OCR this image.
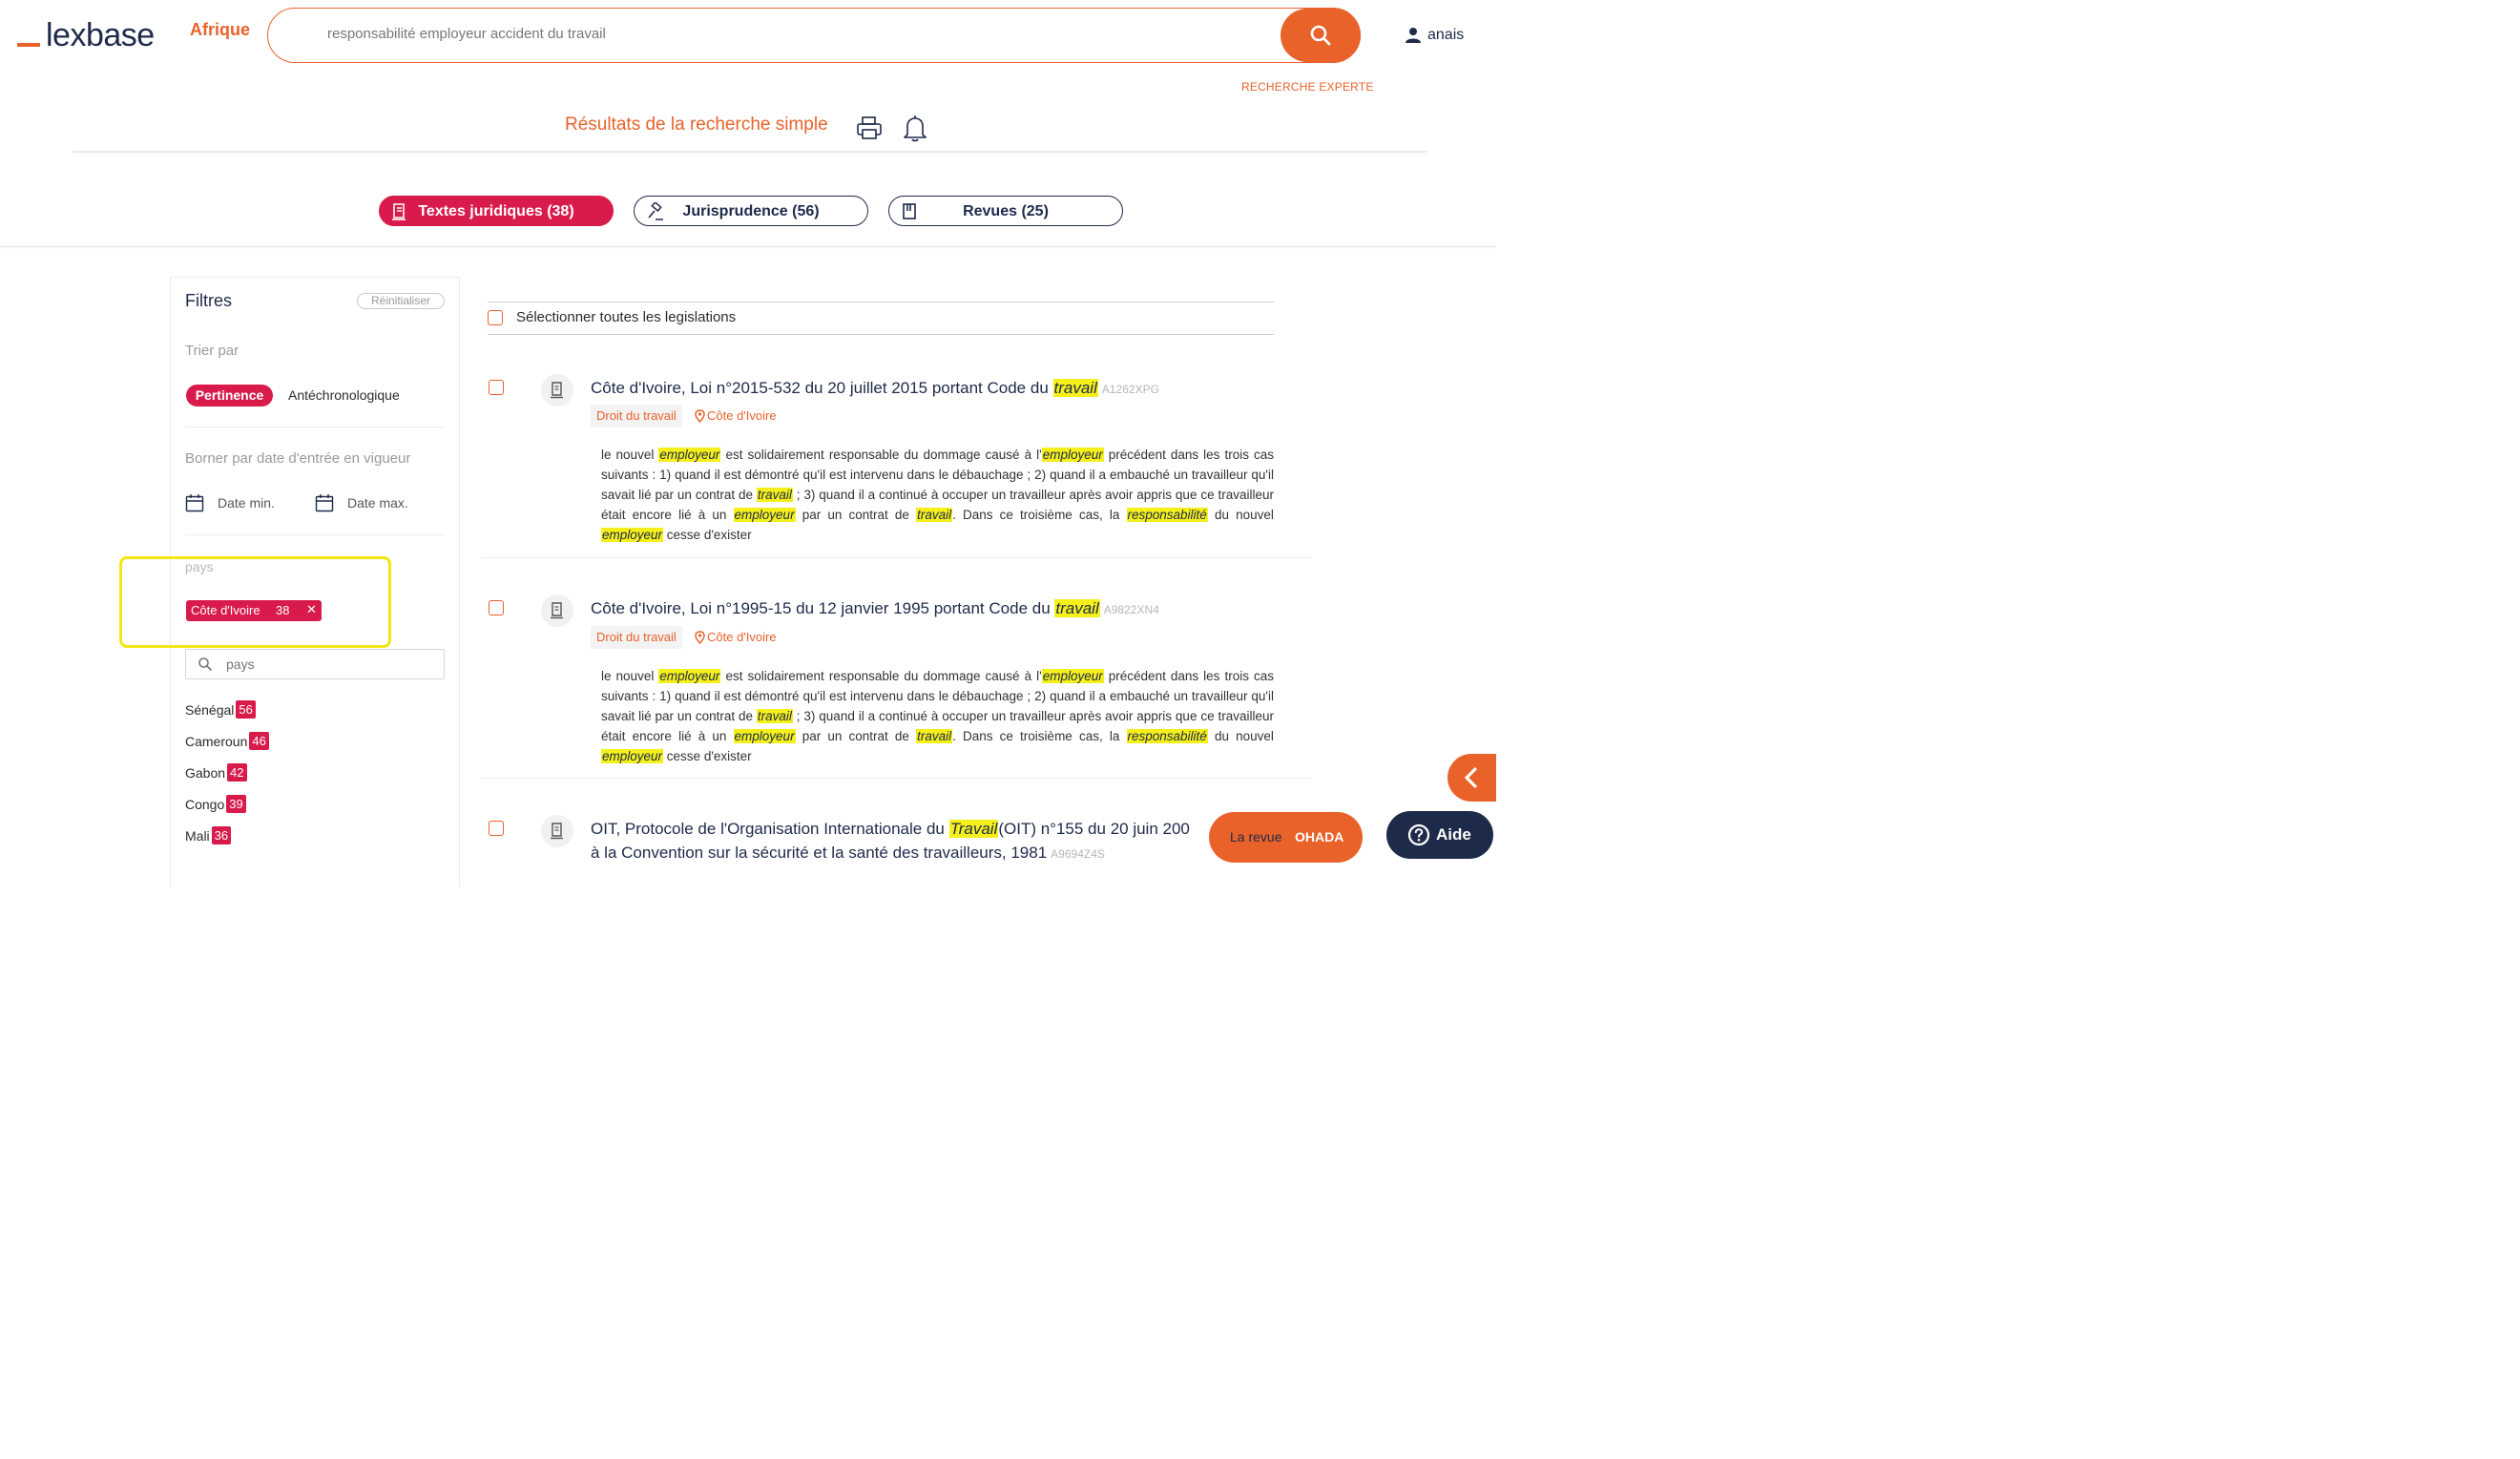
lexbase Afrique
responsabilité employeur accident du travail	anais
RECHERCHE EXPERTE
Résultats de la recherche simple
Textes juridiques (38)	Jurisprudence (56)	Revues (25)
Filtres	Réinitialiser
Trier par
Pertinence	Antéchronologique
Borner par date d'entrée en vigueur
Date min.	Date max.
pays
Côte d'Ivoire 38 ✕
pays
Sénégal 56
Cameroun 46
Gabon 42
Congo 39
Mali 36
Sélectionner toutes les legislations
Côte d'Ivoire, Loi n°2015-532 du 20 juillet 2015 portant Code du travail A1262XPG
Droit du travail	Côte d'Ivoire
le nouvel employeur est solidairement responsable du dommage causé à l'employeur précédent dans les trois cas suivants : 1) quand il est démontré qu'il est intervenu dans le débauchage ; 2) quand il a embauché un travailleur qu'il savait lié par un contrat de travail ; 3) quand il a continué à occuper un travailleur après avoir appris que ce travailleur était encore lié à un employeur par un contrat de travail. Dans ce troisième cas, la responsabilité du nouvel employeur cesse d'exister
Côte d'Ivoire, Loi n°1995-15 du 12 janvier 1995 portant Code du travail A9822XN4
Droit du travail	Côte d'Ivoire
le nouvel employeur est solidairement responsable du dommage causé à l'employeur précédent dans les trois cas suivants : 1) quand il est démontré qu'il est intervenu dans le débauchage ; 2) quand il a embauché un travailleur qu'il savait lié par un contrat de travail ; 3) quand il a continué à occuper un travailleur après avoir appris que ce travailleur était encore lié à un employeur par un contrat de travail. Dans ce troisième cas, la responsabilité du nouvel employeur cesse d'exister
OIT, Protocole de l'Organisation Internationale du Travail(OIT) n°155 du 20 juin 200
à la Convention sur la sécurité et la santé des travailleurs, 1981 A9694Z4S
La revue OHADA	Aide
